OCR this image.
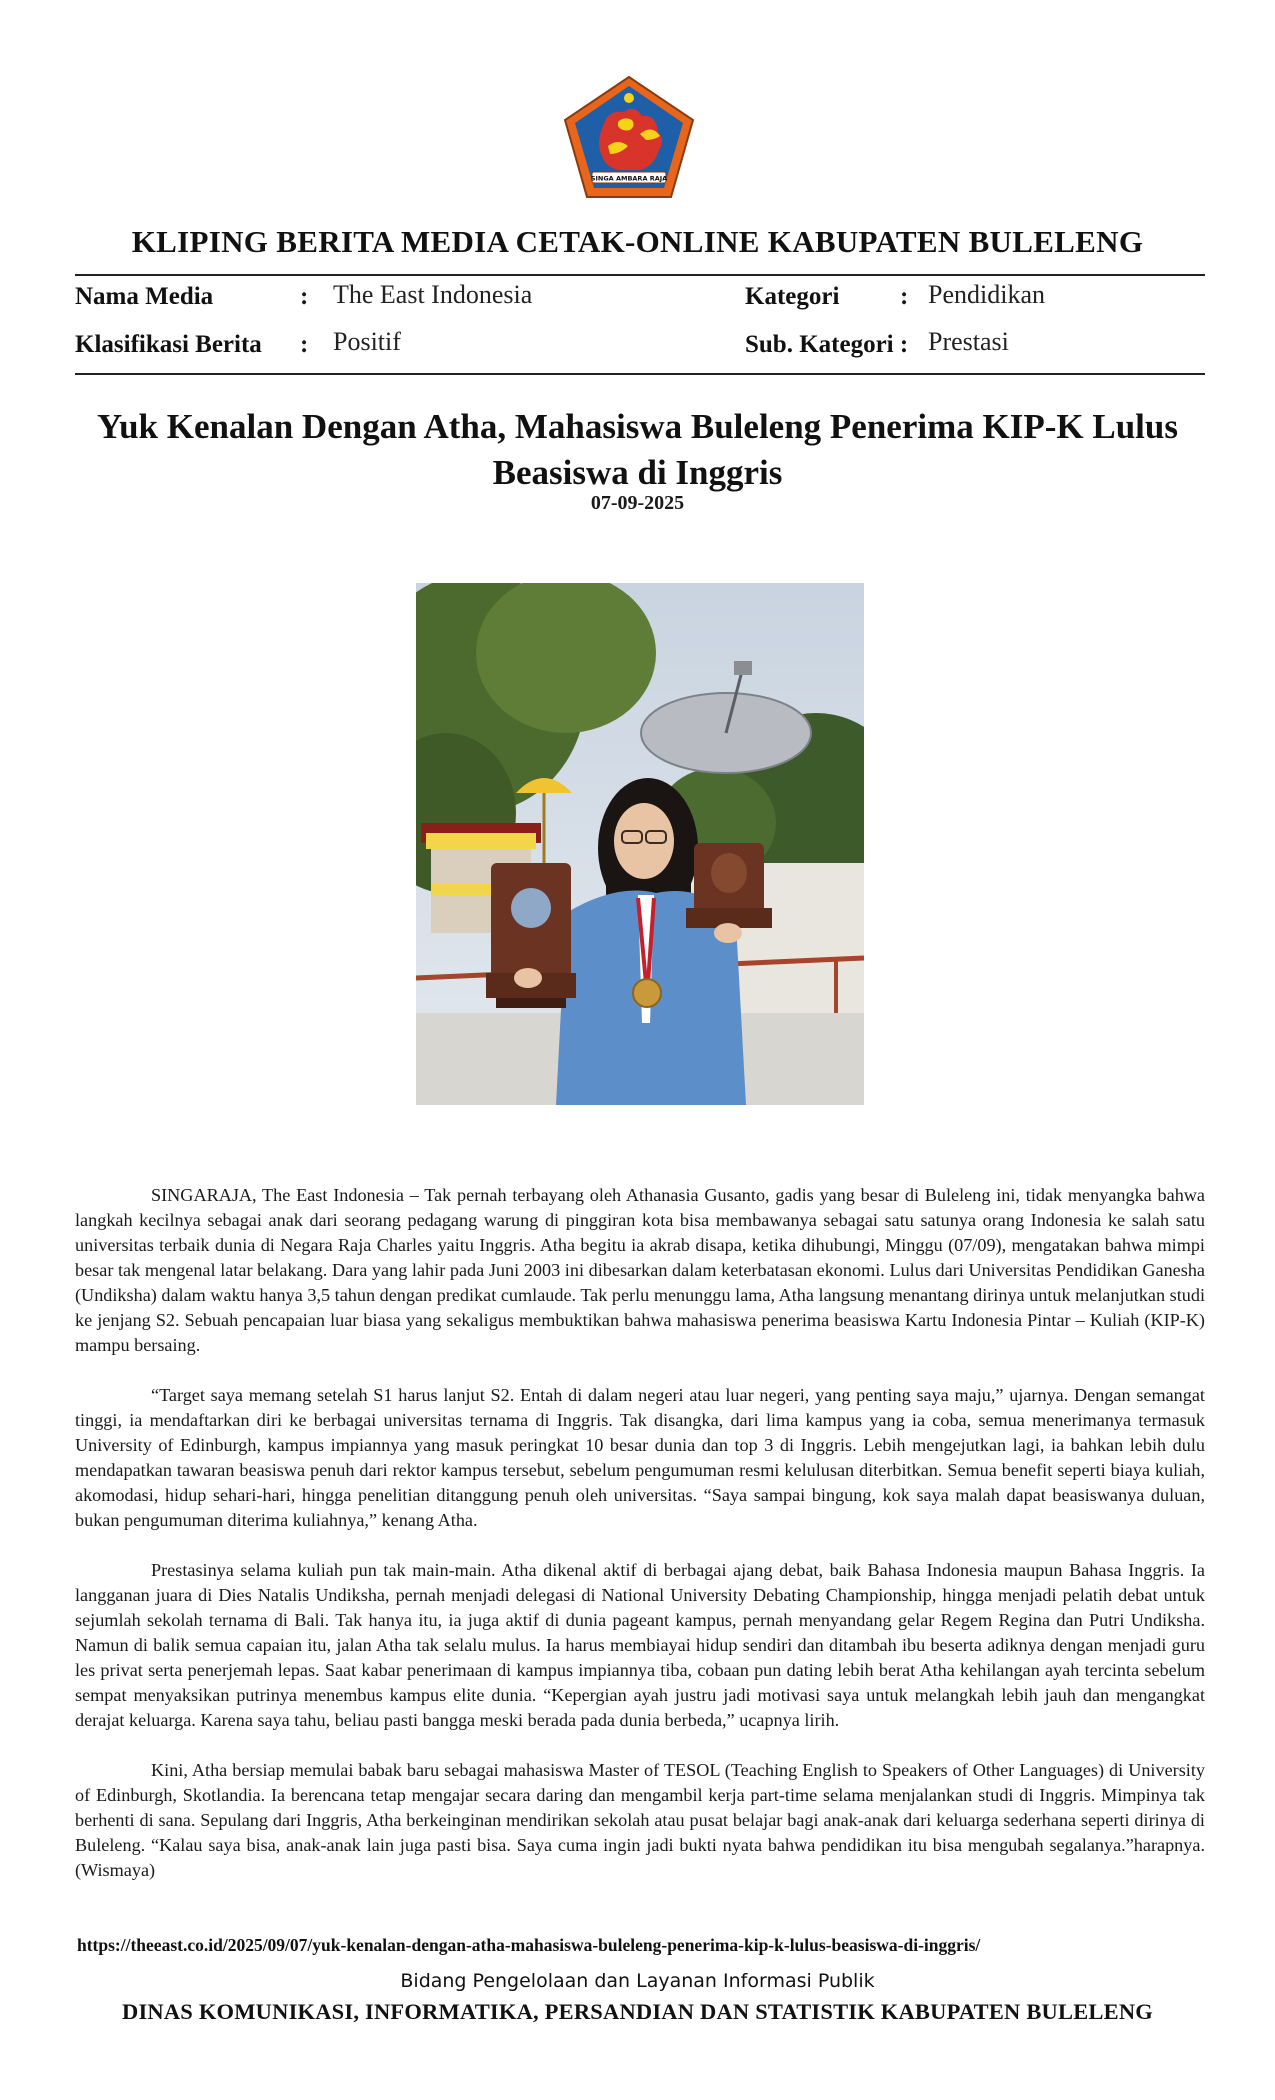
SINGA AMBARA RAJA
KLIPING BERITA MEDIA CETAK-ONLINE KABUPATEN BULELENG
Nama Media	: The East Indonesia	Kategori : Pendidikan
Klasifikasi Berita : Positif	Sub. Kategori : Prestasi
Yuk Kenalan Dengan Atha, Mahasiswa Buleleng Penerima KIP-K Lulus Beasiswa di Inggris
07-09-2025

SINGARAJA, The East Indonesia – Tak pernah terbayang oleh Athanasia Gusanto, gadis yang besar di Buleleng ini, tidak menyangka bahwa langkah kecilnya sebagai anak dari seorang pedagang warung di pinggiran kota bisa membawanya sebagai satu satunya orang Indonesia ke salah satu universitas terbaik dunia di Negara Raja Charles yaitu Inggris. Atha begitu ia akrab disapa, ketika dihubungi, Minggu (07/09), mengatakan bahwa mimpi besar tak mengenal latar belakang. Dara yang lahir pada Juni 2003 ini dibesarkan dalam keterbatasan ekonomi. Lulus dari Universitas Pendidikan Ganesha (Undiksha) dalam waktu hanya 3,5 tahun dengan predikat cumlaude. Tak perlu menunggu lama, Atha langsung menantang dirinya untuk melanjutkan studi ke jenjang S2. Sebuah pencapaian luar biasa yang sekaligus membuktikan bahwa mahasiswa penerima beasiswa Kartu Indonesia Pintar – Kuliah (KIP-K) mampu bersaing.

“Target saya memang setelah S1 harus lanjut S2. Entah di dalam negeri atau luar negeri, yang penting saya maju,” ujarnya. Dengan semangat tinggi, ia mendaftarkan diri ke berbagai universitas ternama di Inggris. Tak disangka, dari lima kampus yang ia coba, semua menerimanya termasuk University of Edinburgh, kampus impiannya yang masuk peringkat 10 besar dunia dan top 3 di Inggris. Lebih mengejutkan lagi, ia bahkan lebih dulu mendapatkan tawaran beasiswa penuh dari rektor kampus tersebut, sebelum pengumuman resmi kelulusan diterbitkan. Semua benefit seperti biaya kuliah, akomodasi, hidup sehari-hari, hingga penelitian ditanggung penuh oleh universitas. “Saya sampai bingung, kok saya malah dapat beasiswanya duluan, bukan pengumuman diterima kuliahnya,” kenang Atha.

Prestasinya selama kuliah pun tak main-main. Atha dikenal aktif di berbagai ajang debat, baik Bahasa Indonesia maupun Bahasa Inggris. Ia langganan juara di Dies Natalis Undiksha, pernah menjadi delegasi di National University Debating Championship, hingga menjadi pelatih debat untuk sejumlah sekolah ternama di Bali. Tak hanya itu, ia juga aktif di dunia pageant kampus, pernah menyandang gelar Regem Regina dan Putri Undiksha. Namun di balik semua capaian itu, jalan Atha tak selalu mulus. Ia harus membiayai hidup sendiri dan ditambah ibu beserta adiknya dengan menjadi guru les privat serta penerjemah lepas. Saat kabar penerimaan di kampus impiannya tiba, cobaan pun dating lebih berat Atha kehilangan ayah tercinta sebelum sempat menyaksikan putrinya menembus kampus elite dunia. “Kepergian ayah justru jadi motivasi saya untuk melangkah lebih jauh dan mengangkat derajat keluarga. Karena saya tahu, beliau pasti bangga meski berada pada dunia berbeda,” ucapnya lirih.

Kini, Atha bersiap memulai babak baru sebagai mahasiswa Master of TESOL (Teaching English to Speakers of Other Languages) di University of Edinburgh, Skotlandia. Ia berencana tetap mengajar secara daring dan mengambil kerja part-time selama menjalankan studi di Inggris. Mimpinya tak berhenti di sana. Sepulang dari Inggris, Atha berkeinginan mendirikan sekolah atau pusat belajar bagi anak-anak dari keluarga sederhana seperti dirinya di Buleleng. “Kalau saya bisa, anak-anak lain juga pasti bisa. Saya cuma ingin jadi bukti nyata bahwa pendidikan itu bisa mengubah segalanya.”harapnya.(Wismaya)

https://theeast.co.id/2025/09/07/yuk-kenalan-dengan-atha-mahasiswa-buleleng-penerima-kip-k-lulus-beasiswa-di-inggris/
Bidang Pengelolaan dan Layanan Informasi Publik
DINAS KOMUNIKASI, INFORMATIKA, PERSANDIAN DAN STATISTIK KABUPATEN BULELENG
